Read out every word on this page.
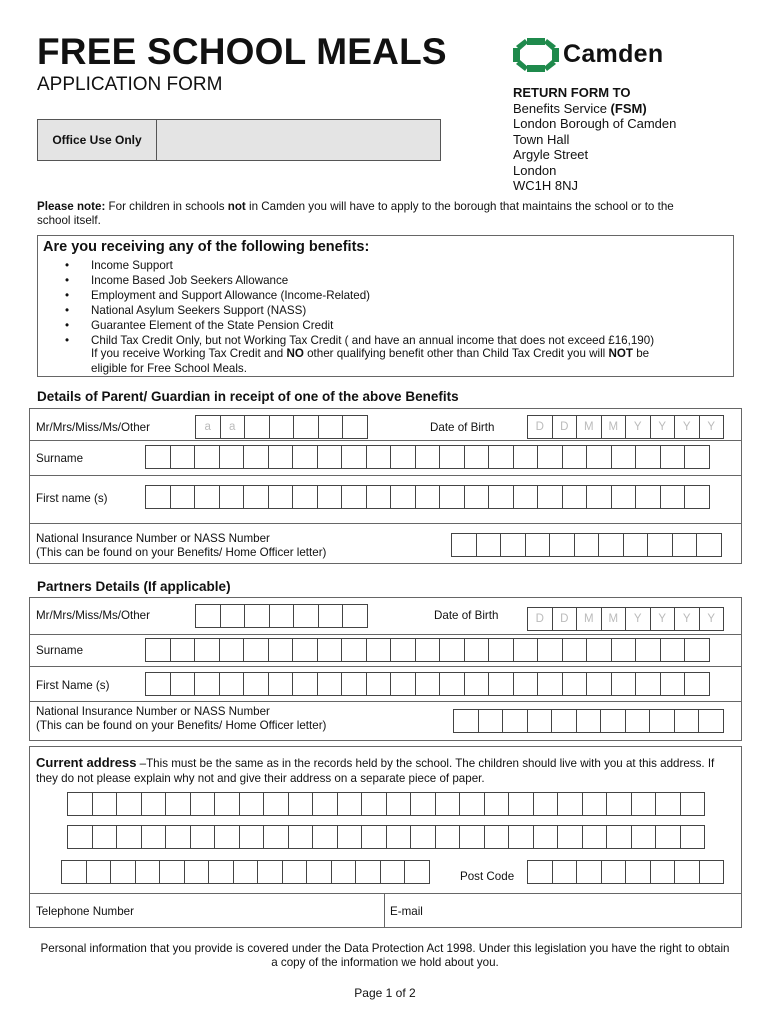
FREE SCHOOL MEALS
APPLICATION FORM
Office Use Only
Camden
RETURN FORM TO
Benefits Service (FSM)
London Borough of Camden
Town Hall
Argyle Street
London
WC1H 8NJ
Please note: For children in schools not in Camden you will have to apply to the borough that maintains the school or to the school itself.
Are you receiving any of the following benefits:
• Income Support
• Income Based Job Seekers Allowance
• Employment and Support Allowance (Income-Related)
• National Asylum Seekers Support (NASS)
• Guarantee Element of the State Pension Credit
• Child Tax Credit Only, but not Working Tax Credit ( and have an annual income that does not exceed £16,190)
If you receive Working Tax Credit and NO other qualifying benefit other than Child Tax Credit you will NOT be
eligible for Free School Meals.
Details of Parent/ Guardian in receipt of one of the above Benefits
Mr/Mrs/Miss/Ms/Other	a	a	Date of Birth	D	D	M	M	Y	Y	Y	Y
Surname
First name (s)
National Insurance Number or NASS Number
(This can be found on your Benefits/ Home Officer letter)
Partners Details (If applicable)
Mr/Mrs/Miss/Ms/Other	Date of Birth	D	D	M	M	Y	Y	Y	Y
Surname
First Name (s)
National Insurance Number or NASS Number
(This can be found on your Benefits/ Home Officer letter)
Current address –This must be the same as in the records held by the school. The children should live with you at this address. If they do not please explain why not and give their address on a separate piece of paper.
Post Code
Telephone Number	E-mail
Personal information that you provide is covered under the Data Protection Act 1998. Under this legislation you have the right to obtain a copy of the information we hold about you.
Page 1 of 2
